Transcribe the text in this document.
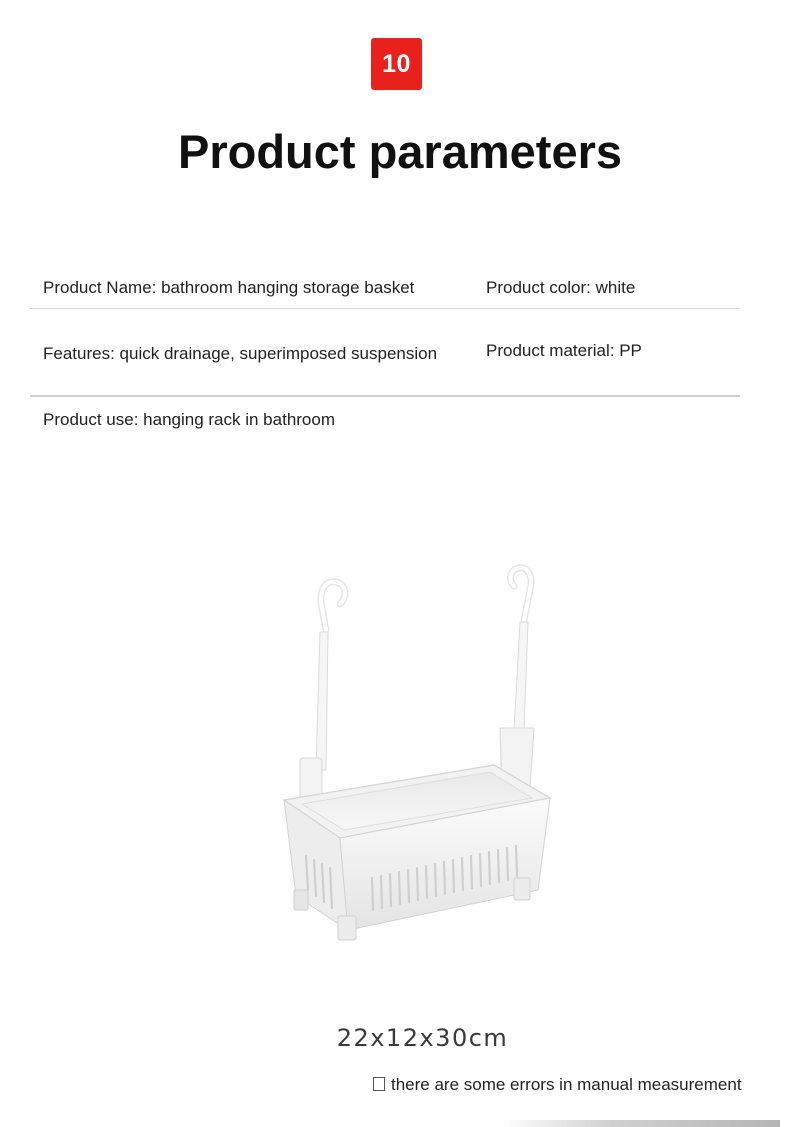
10
Product parameters
Product Name: bathroom hanging storage basket	Product color: white
Features: quick drainage, superimposed suspension	Product material: PP
Product use: hanging rack in bathroom
22x12x30cm
there are some errors in manual measurement
